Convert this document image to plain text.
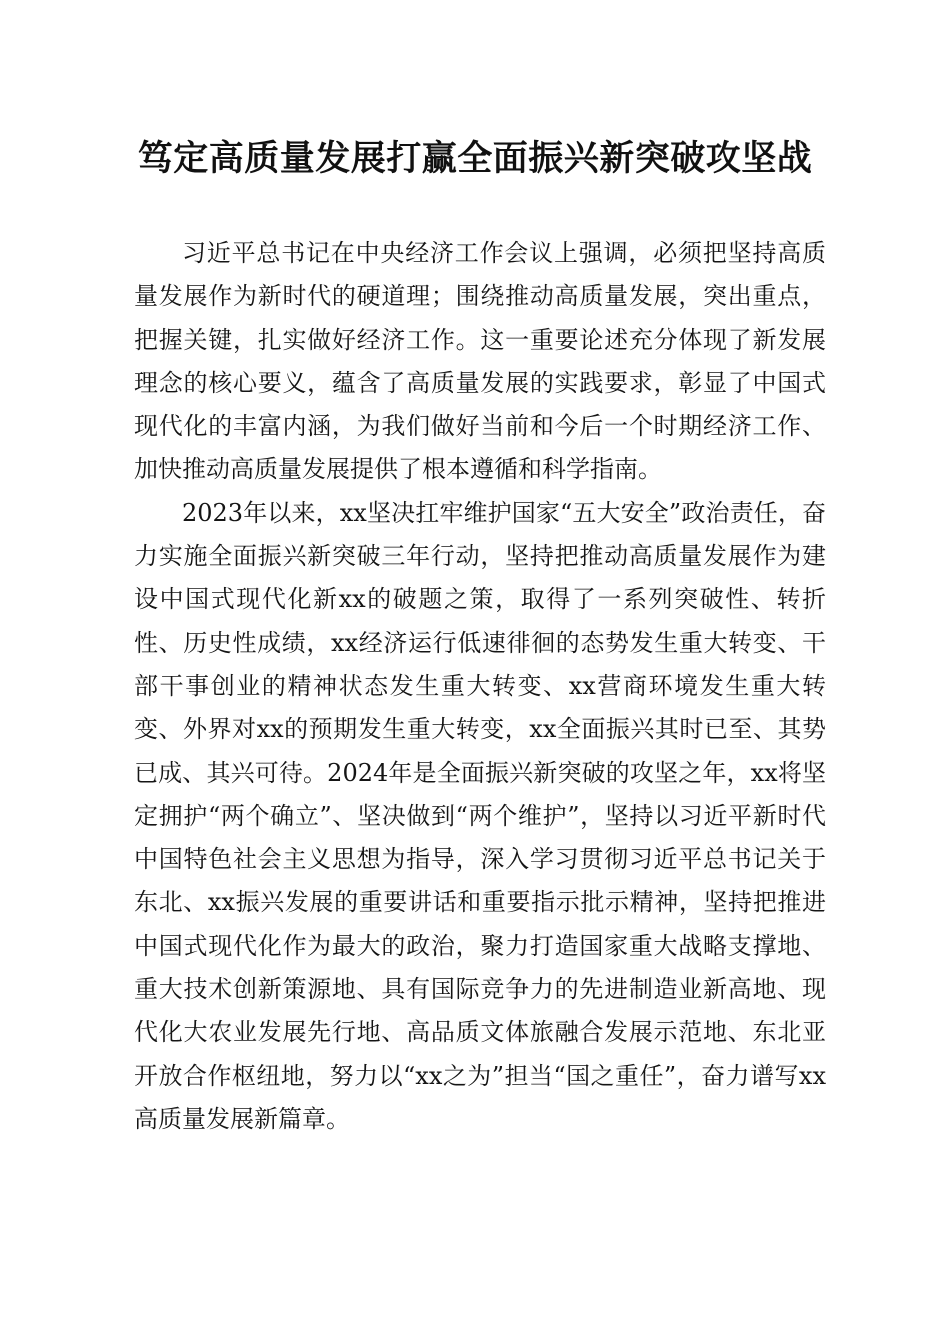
笃定高质量发展打赢全面振兴新突破攻坚战

习近平总书记在中央经济工作会议上强调，必须把坚持高质量发展作为新时代的硬道理；围绕推动高质量发展，突出重点，把握关键，扎实做好经济工作。这一重要论述充分体现了新发展理念的核心要义，蕴含了高质量发展的实践要求，彰显了中国式现代化的丰富内涵，为我们做好当前和今后一个时期经济工作、加快推动高质量发展提供了根本遵循和科学指南。

2023年以来，xx坚决扛牢维护国家“五大安全”政治责任，奋力实施全面振兴新突破三年行动，坚持把推动高质量发展作为建设中国式现代化新xx的破题之策，取得了一系列突破性、转折性、历史性成绩，xx经济运行低速徘徊的态势发生重大转变、干部干事创业的精神状态发生重大转变、xx营商环境发生重大转变、外界对xx的预期发生重大转变，xx全面振兴其时已至、其势已成、其兴可待。2024年是全面振兴新突破的攻坚之年，xx将坚定拥护“两个确立”、坚决做到“两个维护”，坚持以习近平新时代中国特色社会主义思想为指导，深入学习贯彻习近平总书记关于东北、xx振兴发展的重要讲话和重要指示批示精神，坚持把推进中国式现代化作为最大的政治，聚力打造国家重大战略支撑地、重大技术创新策源地、具有国际竞争力的先进制造业新高地、现代化大农业发展先行地、高品质文体旅融合发展示范地、东北亚开放合作枢纽地，努力以“xx之为”担当“国之重任”，奋力谱写xx高质量发展新篇章。
